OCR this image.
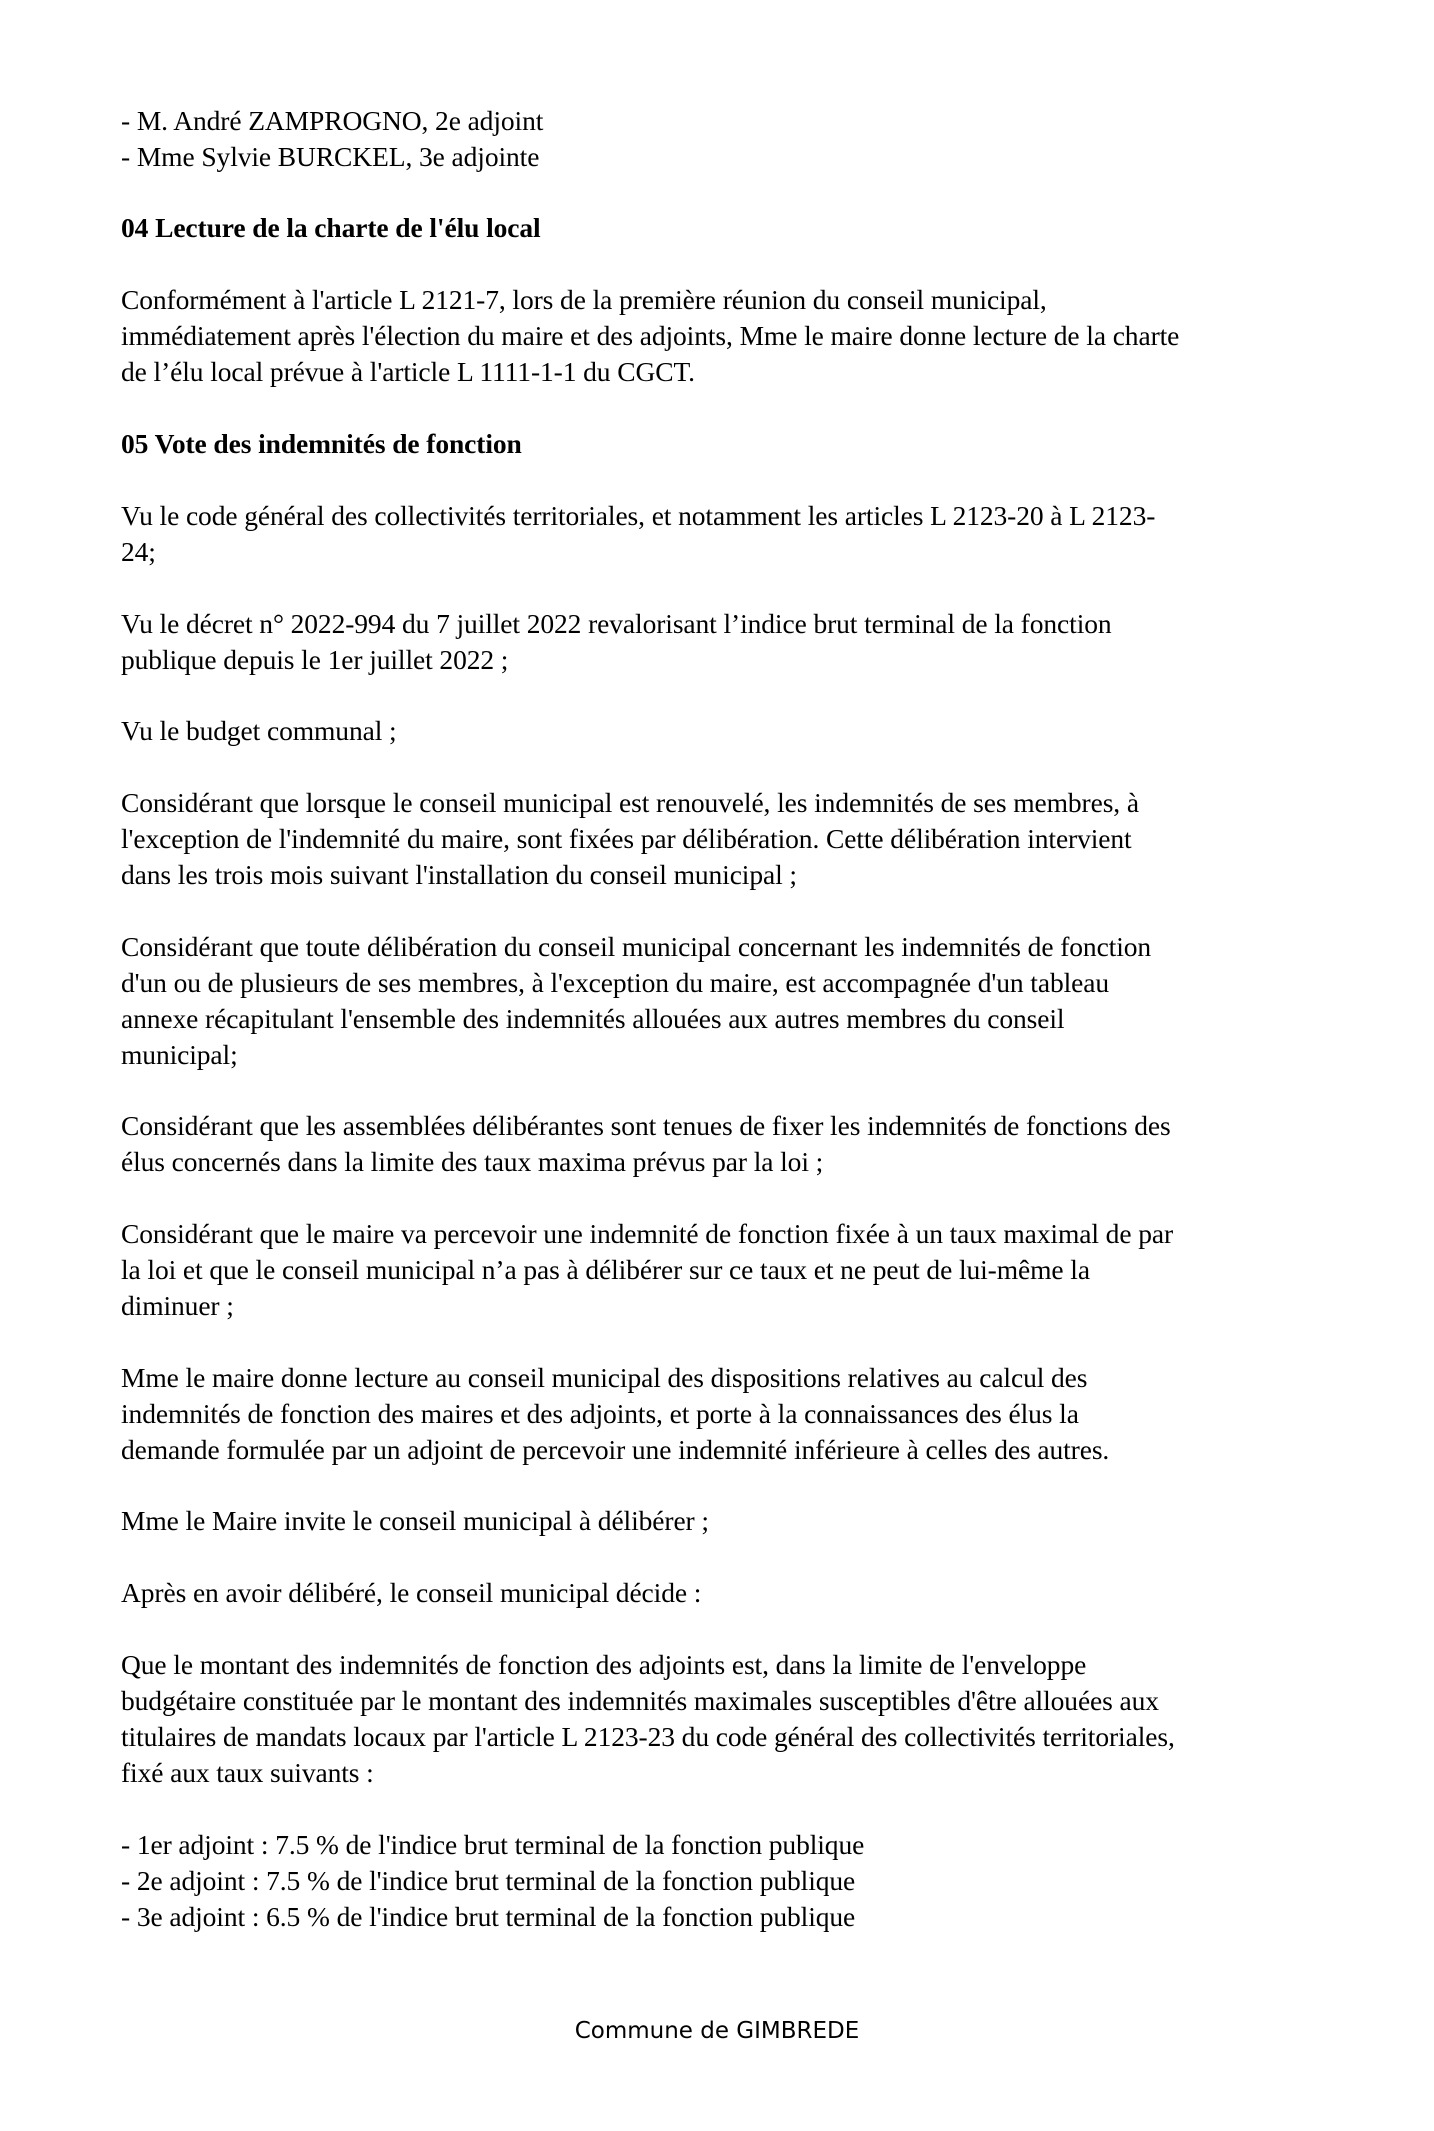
- M. André ZAMPROGNO, 2e adjoint
- Mme Sylvie BURCKEL, 3e adjointe
04 Lecture de la charte de l'élu local
Conformément à l'article L 2121-7, lors de la première réunion du conseil municipal,
immédiatement après l'élection du maire et des adjoints, Mme le maire donne lecture de la charte
de l’élu local prévue à l'article L 1111-1-1 du CGCT.
05 Vote des indemnités de fonction
Vu le code général des collectivités territoriales, et notamment les articles L 2123-20 à L 2123-
24;
Vu le décret n° 2022-994 du 7 juillet 2022 revalorisant l’indice brut terminal de la fonction
publique depuis le 1er juillet 2022 ;
Vu le budget communal ;
Considérant que lorsque le conseil municipal est renouvelé, les indemnités de ses membres, à
l'exception de l'indemnité du maire, sont fixées par délibération. Cette délibération intervient
dans les trois mois suivant l'installation du conseil municipal ;
Considérant que toute délibération du conseil municipal concernant les indemnités de fonction
d'un ou de plusieurs de ses membres, à l'exception du maire, est accompagnée d'un tableau
annexe récapitulant l'ensemble des indemnités allouées aux autres membres du conseil
municipal;
Considérant que les assemblées délibérantes sont tenues de fixer les indemnités de fonctions des
élus concernés dans la limite des taux maxima prévus par la loi ;
Considérant que le maire va percevoir une indemnité de fonction fixée à un taux maximal de par
la loi et que le conseil municipal n’a pas à délibérer sur ce taux et ne peut de lui-même la
diminuer ;
Mme le maire donne lecture au conseil municipal des dispositions relatives au calcul des
indemnités de fonction des maires et des adjoints, et porte à la connaissances des élus la
demande formulée par un adjoint de percevoir une indemnité inférieure à celles des autres.
Mme le Maire invite le conseil municipal à délibérer ;
Après en avoir délibéré, le conseil municipal décide :
Que le montant des indemnités de fonction des adjoints est, dans la limite de l'enveloppe
budgétaire constituée par le montant des indemnités maximales susceptibles d'être allouées aux
titulaires de mandats locaux par l'article L 2123-23 du code général des collectivités territoriales,
fixé aux taux suivants :
- 1er adjoint : 7.5 % de l'indice brut terminal de la fonction publique
- 2e adjoint : 7.5 % de l'indice brut terminal de la fonction publique
- 3e adjoint : 6.5 % de l'indice brut terminal de la fonction publique
Commune de GIMBREDE
